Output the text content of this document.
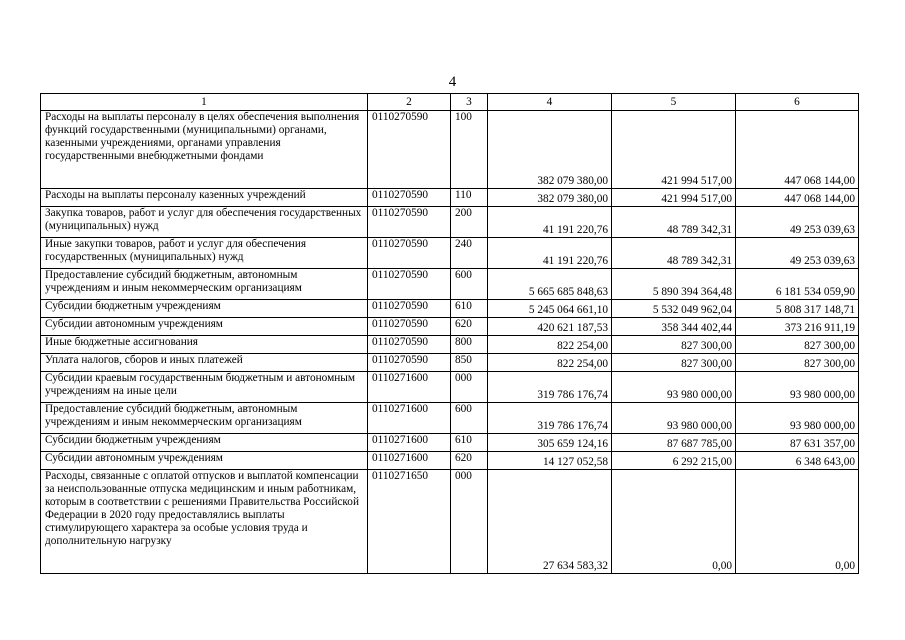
4
1	2	3	4	5	6
Расходы на выплаты персоналу в целях обеспечения выполнения функций государственными (муниципальными) органами, казенными учреждениями, органами управления государственными внебюджетными фондами	0110270590	100	382 079 380,00	421 994 517,00	447 068 144,00
Расходы на выплаты персоналу казенных учреждений	0110270590	110	382 079 380,00	421 994 517,00	447 068 144,00
Закупка товаров, работ и услуг для обеспечения государственных (муниципальных) нужд	0110270590	200	41 191 220,76	48 789 342,31	49 253 039,63
Иные закупки товаров, работ и услуг для обеспечения государственных (муниципальных) нужд	0110270590	240	41 191 220,76	48 789 342,31	49 253 039,63
Предоставление субсидий бюджетным, автономным учреждениям и иным некоммерческим организациям	0110270590	600	5 665 685 848,63	5 890 394 364,48	6 181 534 059,90
Субсидии бюджетным учреждениям	0110270590	610	5 245 064 661,10	5 532 049 962,04	5 808 317 148,71
Субсидии автономным учреждениям	0110270590	620	420 621 187,53	358 344 402,44	373 216 911,19
Иные бюджетные ассигнования	0110270590	800	822 254,00	827 300,00	827 300,00
Уплата налогов, сборов и иных платежей	0110270590	850	822 254,00	827 300,00	827 300,00
Субсидии краевым государственным бюджетным и автономным учреждениям на иные цели	0110271600	000	319 786 176,74	93 980 000,00	93 980 000,00
Предоставление субсидий бюджетным, автономным учреждениям и иным некоммерческим организациям	0110271600	600	319 786 176,74	93 980 000,00	93 980 000,00
Субсидии бюджетным учреждениям	0110271600	610	305 659 124,16	87 687 785,00	87 631 357,00
Субсидии автономным учреждениям	0110271600	620	14 127 052,58	6 292 215,00	6 348 643,00
Расходы, связанные с оплатой отпусков и выплатой компенсации за неиспользованные отпуска медицинским и иным работникам, которым в соответствии с решениями Правительства Российской Федерации в 2020 году предоставлялись выплаты стимулирующего характера за особые условия труда и дополнительную нагрузку	0110271650	000	27 634 583,32	0,00	0,00
